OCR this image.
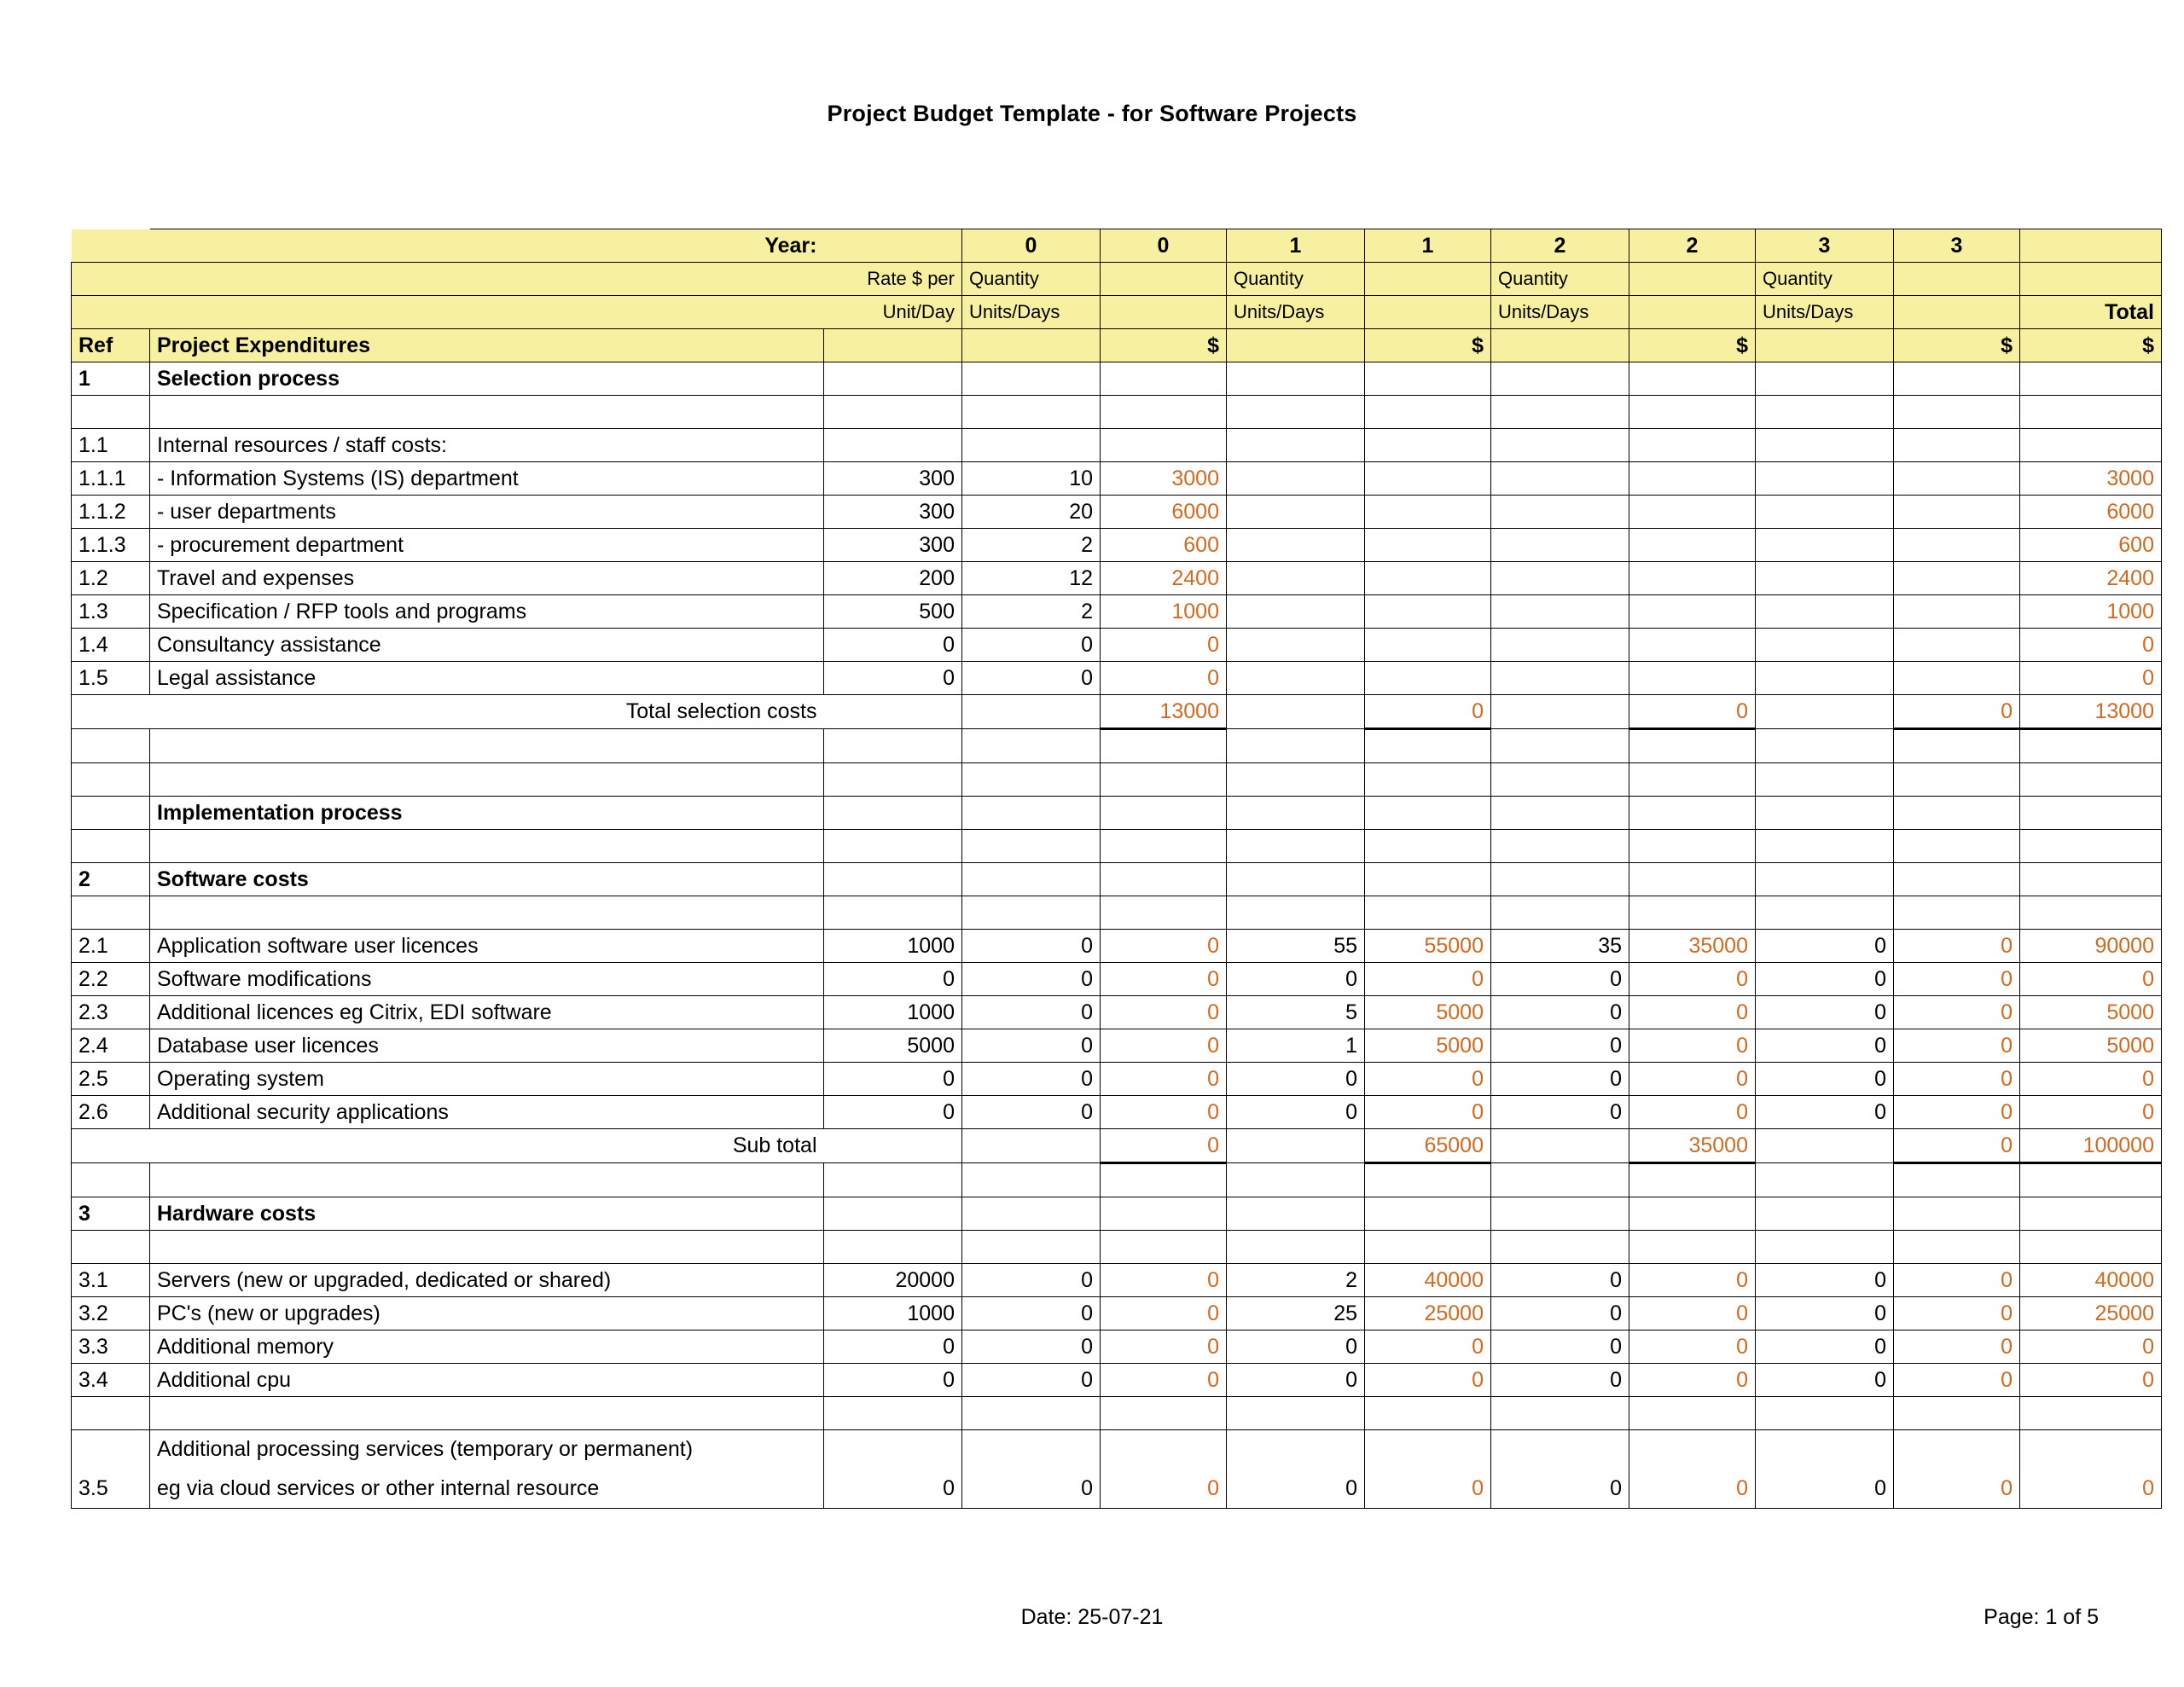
Project Budget Template - for Software Projects
	Year:		0	0	1	1	2	2	3	3	
		Rate $ per	Quantity		Quantity		Quantity		Quantity		
		Unit/Day	Units/Days		Units/Days		Units/Days		Units/Days		Total
Ref	Project Expenditures			$		$		$		$	$
1	Selection process										

1.1	Internal resources / staff costs:										
1.1.1	- Information Systems (IS) department	300	10	3000							3000
1.1.2	- user departments	300	20	6000							6000
1.1.3	- procurement department	300	2	600							600
1.2	Travel and expenses	200	12	2400							2400
1.3	Specification / RFP tools and programs	500	2	1000							1000
1.4	Consultancy assistance	0	0	0							0
1.5	Legal assistance	0	0	0							0
	Total selection costs			13000		0		0		0	13000

	Implementation process										

2	Software costs										

2.1	Application software user licences	1000	0	0	55	55000	35	35000	0	0	90000
2.2	Software modifications	0	0	0	0	0	0	0	0	0	0
2.3	Additional licences eg Citrix, EDI software	1000	0	0	5	5000	0	0	0	0	5000
2.4	Database user licences	5000	0	0	1	5000	0	0	0	0	5000
2.5	Operating system	0	0	0	0	0	0	0	0	0	0
2.6	Additional security applications	0	0	0	0	0	0	0	0	0	0
	Sub total			0		65000		35000		0	100000

3	Hardware costs										

3.1	Servers (new or upgraded, dedicated or shared)	20000	0	0	2	40000	0	0	0	0	40000
3.2	PC's (new or upgrades)	1000	0	0	25	25000	0	0	0	0	25000
3.3	Additional memory	0	0	0	0	0	0	0	0	0	0
3.4	Additional cpu	0	0	0	0	0	0	0	0	0	0

	Additional processing services (temporary or permanent)										
3.5	eg via cloud services or other internal resource	0	0	0	0	0	0	0	0	0	0
Date: 25-07-21	Page: 1 of 5
